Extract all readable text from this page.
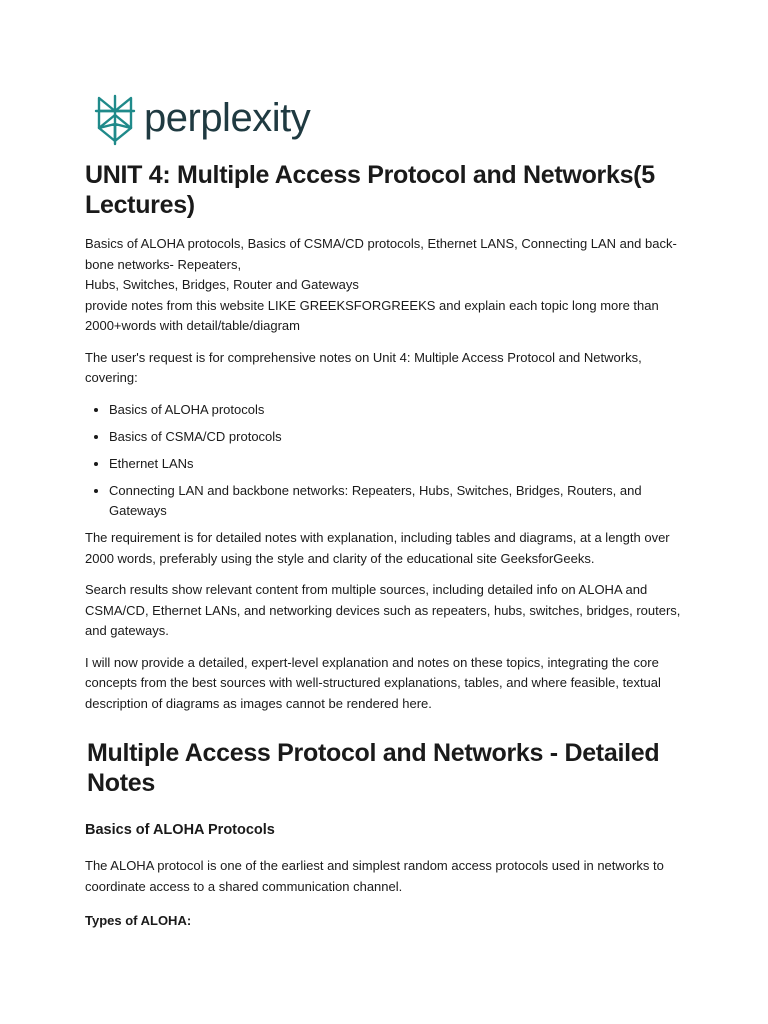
perplexity
UNIT 4: Multiple Access Protocol and Networks(5 Lectures)

Basics of ALOHA protocols, Basics of CSMA/CD protocols, Ethernet LANS, Connecting LAN and back-bone networks- Repeaters,

Hubs, Switches, Bridges, Router and Gateways

provide notes from this website LIKE GREEKSFORGREEKS and explain each topic long more than 2000+words with detail/table/diagram

The user's request is for comprehensive notes on Unit 4: Multiple Access Protocol and Networks, covering:

• Basics of ALOHA protocols
• Basics of CSMA/CD protocols
• Ethernet LANs
• Connecting LAN and backbone networks: Repeaters, Hubs, Switches, Bridges, Routers, and Gateways

The requirement is for detailed notes with explanation, including tables and diagrams, at a length over 2000 words, preferably using the style and clarity of the educational site GeeksforGeeks.

Search results show relevant content from multiple sources, including detailed info on ALOHA and CSMA/CD, Ethernet LANs, and networking devices such as repeaters, hubs, switches, bridges, routers, and gateways.

I will now provide a detailed, expert-level explanation and notes on these topics, integrating the core concepts from the best sources with well-structured explanations, tables, and where feasible, textual description of diagrams as images cannot be rendered here.

Multiple Access Protocol and Networks - Detailed Notes
Basics of ALOHA Protocols

The ALOHA protocol is one of the earliest and simplest random access protocols used in networks to coordinate access to a shared communication channel.

Types of ALOHA:
